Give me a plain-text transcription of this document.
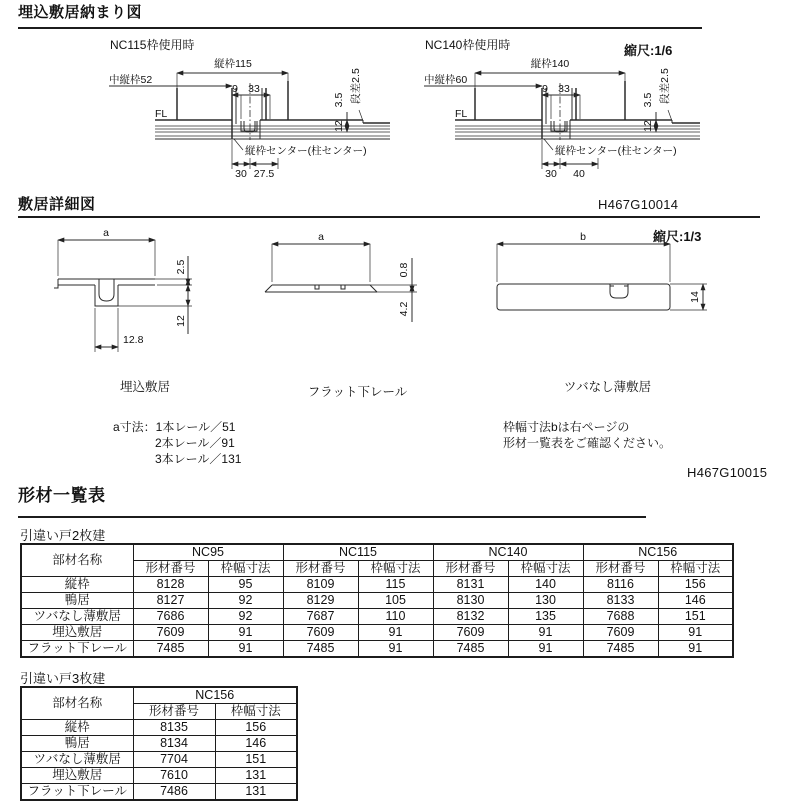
埋込敷居納まり図
縮尺:1/6
NC115枠使用時
縦枠115
中縦枠52
9 33
FL
12
3.5 段差2.5
縦枠センター(柱センター)
30 27.5
NC140枠使用時
縦枠140
中縦枠60
9 33
FL
12
3.5 段差2.5
縦枠センター(柱センター)
30 40
敷居詳細図	H467G10014
縮尺:1/3
a
2.5
12
12.8
a
0.8
4.2
b
14
埋込敷居	フラット下レール	ツバなし薄敷居
a寸法：1本レール／51
2本レール／91
3本レール／131
枠幅寸法bは右ページの
形材一覧表をご確認ください。
H467G10015
形材一覧表
引違い戸2枚建
部材名称	NC95		NC115		NC140		NC156	
	形材番号	枠幅寸法	形材番号	枠幅寸法	形材番号	枠幅寸法	形材番号	枠幅寸法
縦枠	8128	95	8109	115	8131	140	8116	156
鴨居	8127	92	8129	105	8130	130	8133	146
ツバなし薄敷居	7686	92	7687	110	8132	135	7688	151
埋込敷居	7609	91	7609	91	7609	91	7609	91
フラット下レール	7485	91	7485	91	7485	91	7485	91
引違い戸3枚建
部材名称	NC156	
	形材番号	枠幅寸法
縦枠	8135	156
鴨居	8134	146
ツバなし薄敷居	7704	151
埋込敷居	7610	131
フラット下レール	7486	131
